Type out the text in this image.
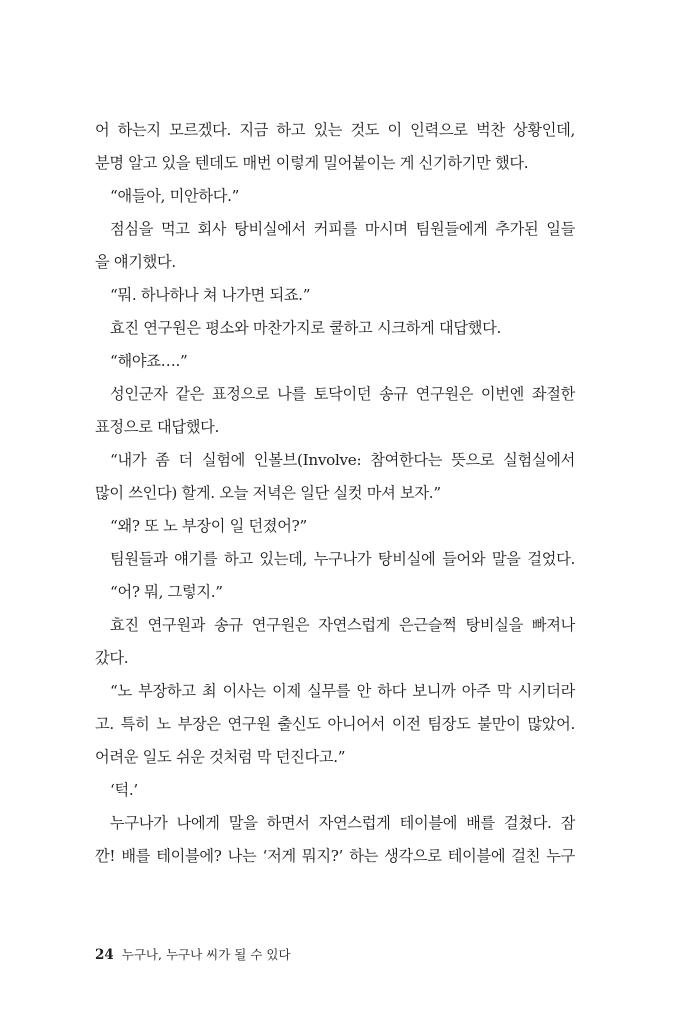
어 하는지 모르겠다. 지금 하고 있는 것도 이 인력으로 벅찬 상황인데,
분명 알고 있을 텐데도 매번 이렇게 밀어붙이는 게 신기하기만 했다.
“애들아, 미안하다.”
점심을 먹고 회사 탕비실에서 커피를 마시며 팀원들에게 추가된 일들
을 얘기했다.
“뭐. 하나하나 쳐 나가면 되죠.”
효진 연구원은 평소와 마찬가지로 쿨하고 시크하게 대답했다.
“해야죠….”
성인군자 같은 표정으로 나를 토닥이던 송규 연구원은 이번엔 좌절한
표정으로 대답했다.
“내가 좀 더 실험에 인볼브(Involve: 참여한다는 뜻으로 실험실에서
많이 쓰인다) 할게. 오늘 저녁은 일단 실컷 마셔 보자.”
“왜? 또 노 부장이 일 던졌어?”
팀원들과 얘기를 하고 있는데, 누구나가 탕비실에 들어와 말을 걸었다.
“어? 뭐, 그렇지.”
효진 연구원과 송규 연구원은 자연스럽게 은근슬쩍 탕비실을 빠져나
갔다.
“노 부장하고 최 이사는 이제 실무를 안 하다 보니까 아주 막 시키더라
고. 특히 노 부장은 연구원 출신도 아니어서 이전 팀장도 불만이 많았어.
어려운 일도 쉬운 것처럼 막 던진다고.”
‘턱.’
누구나가 나에게 말을 하면서 자연스럽게 테이블에 배를 걸쳤다. 잠
깐! 배를 테이블에? 나는 ‘저게 뭐지?’ 하는 생각으로 테이블에 걸친 누구
24 누구나, 누구나 씨가 될 수 있다
